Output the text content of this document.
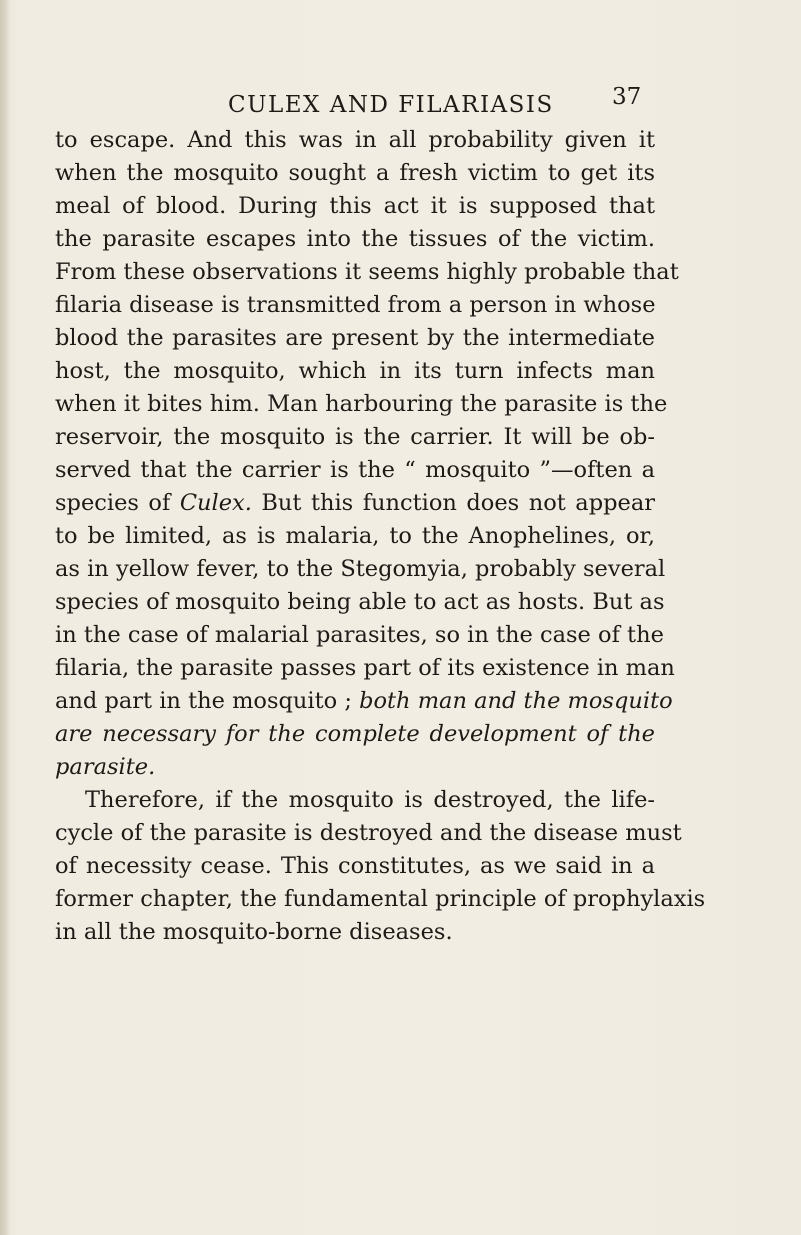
CULEX AND FILARIASIS	37
to escape. And this was in all probability given it
when the mosquito sought a fresh victim to get its
meal of blood. During this act it is supposed that
the parasite escapes into the tissues of the victim.
From these observations it seems highly probable that
filaria disease is transmitted from a person in whose
blood the parasites are present by the intermediate
host, the mosquito, which in its turn infects man
when it bites him. Man harbouring the parasite is the
reservoir, the mosquito is the carrier. It will be ob-
served that the carrier is the “ mosquito ”—often a
species of Culex. But this function does not appear
to be limited, as is malaria, to the Anophelines, or,
as in yellow fever, to the Stegomyia, probably several
species of mosquito being able to act as hosts. But as
in the case of malarial parasites, so in the case of the
filaria, the parasite passes part of its existence in man
and part in the mosquito ; both man and the mosquito
are necessary for the complete development of the
parasite.
Therefore, if the mosquito is destroyed, the life-
cycle of the parasite is destroyed and the disease must
of necessity cease. This constitutes, as we said in a
former chapter, the fundamental principle of prophylaxis
in all the mosquito-borne diseases.
